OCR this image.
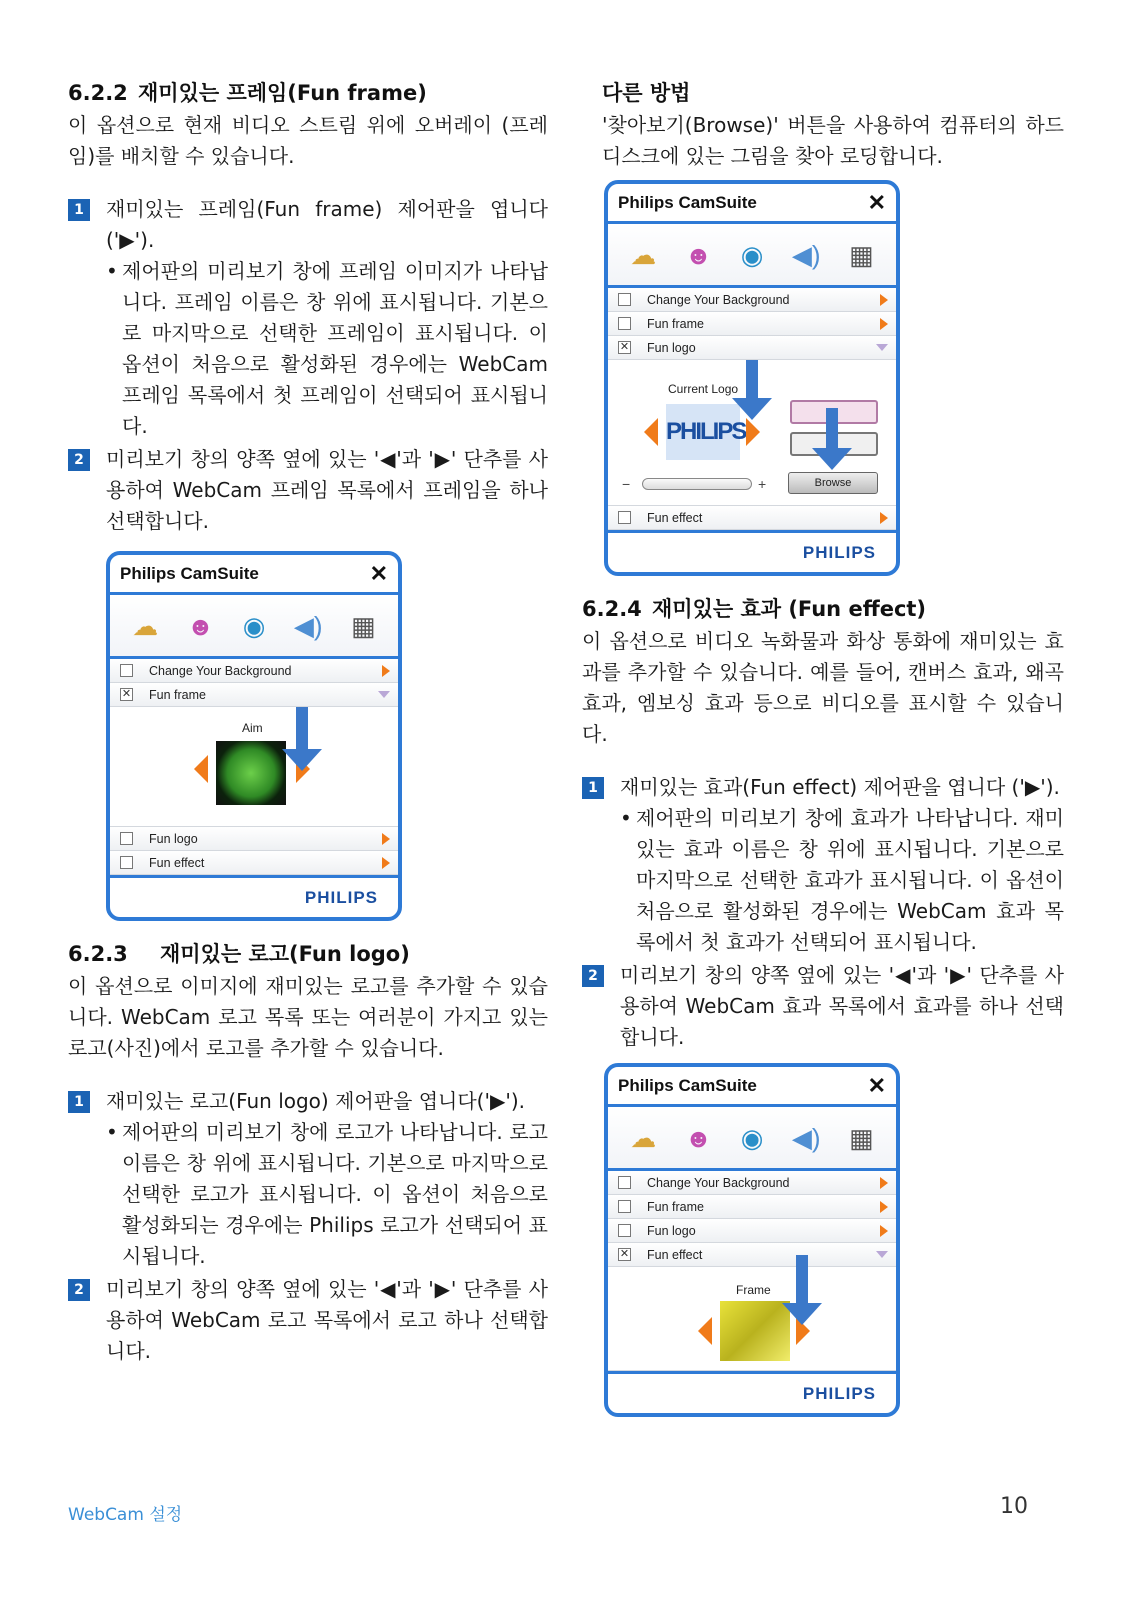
6.2.2 재미있는 프레임(Fun frame)

이 옵션으로 현재 비디오 스트림 위에 오버레이 (프레임)를 배치할 수 있습니다.

1	재미있는 프레임(Fun frame) 제어판을 엽니다('▶').
• 제어판의 미리보기 창에 프레임 이미지가 나타납니다. 프레임 이름은 창 위에 표시됩니다. 기본으로 마지막으로 선택한 프레임이 표시됩니다. 이 옵션이 처음으로 활성화된 경우에는 WebCam 프레임 목록에서 첫 프레임이 선택되어 표시됩니다.
2	미리보기 창의 양쪽 옆에 있는 '◀'과 '▶' 단추를 사용하여 WebCam 프레임 목록에서 프레임을 하나 선택합니다.
Philips CamSuite	✕
☁ ☻ ◉ ◀) ▦
Change Your Background
✕ Fun frame
Aim
Fun logo
Fun effect
PHILIPS
6.2.3 재미있는 로고(Fun logo)

이 옵션으로 이미지에 재미있는 로고를 추가할 수 있습니다. WebCam 로고 목록 또는 여러분이 가지고 있는 로고(사진)에서 로고를 추가할 수 있습니다.

1	재미있는 로고(Fun logo) 제어판을 엽니다('▶').
• 제어판의 미리보기 창에 로고가 나타납니다. 로고 이름은 창 위에 표시됩니다. 기본으로 마지막으로 선택한 로고가 표시됩니다. 이 옵션이 처음으로 활성화되는 경우에는 Philips 로고가 선택되어 표시됩니다.
2	미리보기 창의 양쪽 옆에 있는 '◀'과 '▶' 단추를 사용하여 WebCam 로고 목록에서 로고 하나 선택합니다.
다른 방법

'찾아보기(Browse)' 버튼을 사용하여 컴퓨터의 하드 디스크에 있는 그림을 찾아 로딩합니다.

Philips CamSuite	✕
☁ ☻ ◉ ◀) ▦
Change Your Background
Fun frame
✕ Fun logo
Current Logo
PHILIPS
−	+	Browse
Fun effect
PHILIPS
6.2.4 재미있는 효과 (Fun effect)

이 옵션으로 비디오 녹화물과 화상 통화에 재미있는 효과를 추가할 수 있습니다. 예를 들어, 캔버스 효과, 왜곡 효과, 엠보싱 효과 등으로 비디오를 표시할 수 있습니다.

1	재미있는 효과(Fun effect) 제어판을 엽니다 ('▶').
• 제어판의 미리보기 창에 효과가 나타납니다. 재미있는 효과 이름은 창 위에 표시됩니다. 기본으로 마지막으로 선택한 효과가 표시됩니다. 이 옵션이 처음으로 활성화된 경우에는 WebCam 효과 목록에서 첫 효과가 선택되어 표시됩니다.
2	미리보기 창의 양쪽 옆에 있는 '◀'과 '▶' 단추를 사용하여 WebCam 효과 목록에서 효과를 하나 선택합니다.
Philips CamSuite	✕
☁ ☻ ◉ ◀) ▦
Change Your Background
Fun frame
Fun logo
✕ Fun effect
Frame
PHILIPS
WebCam 설정	10
